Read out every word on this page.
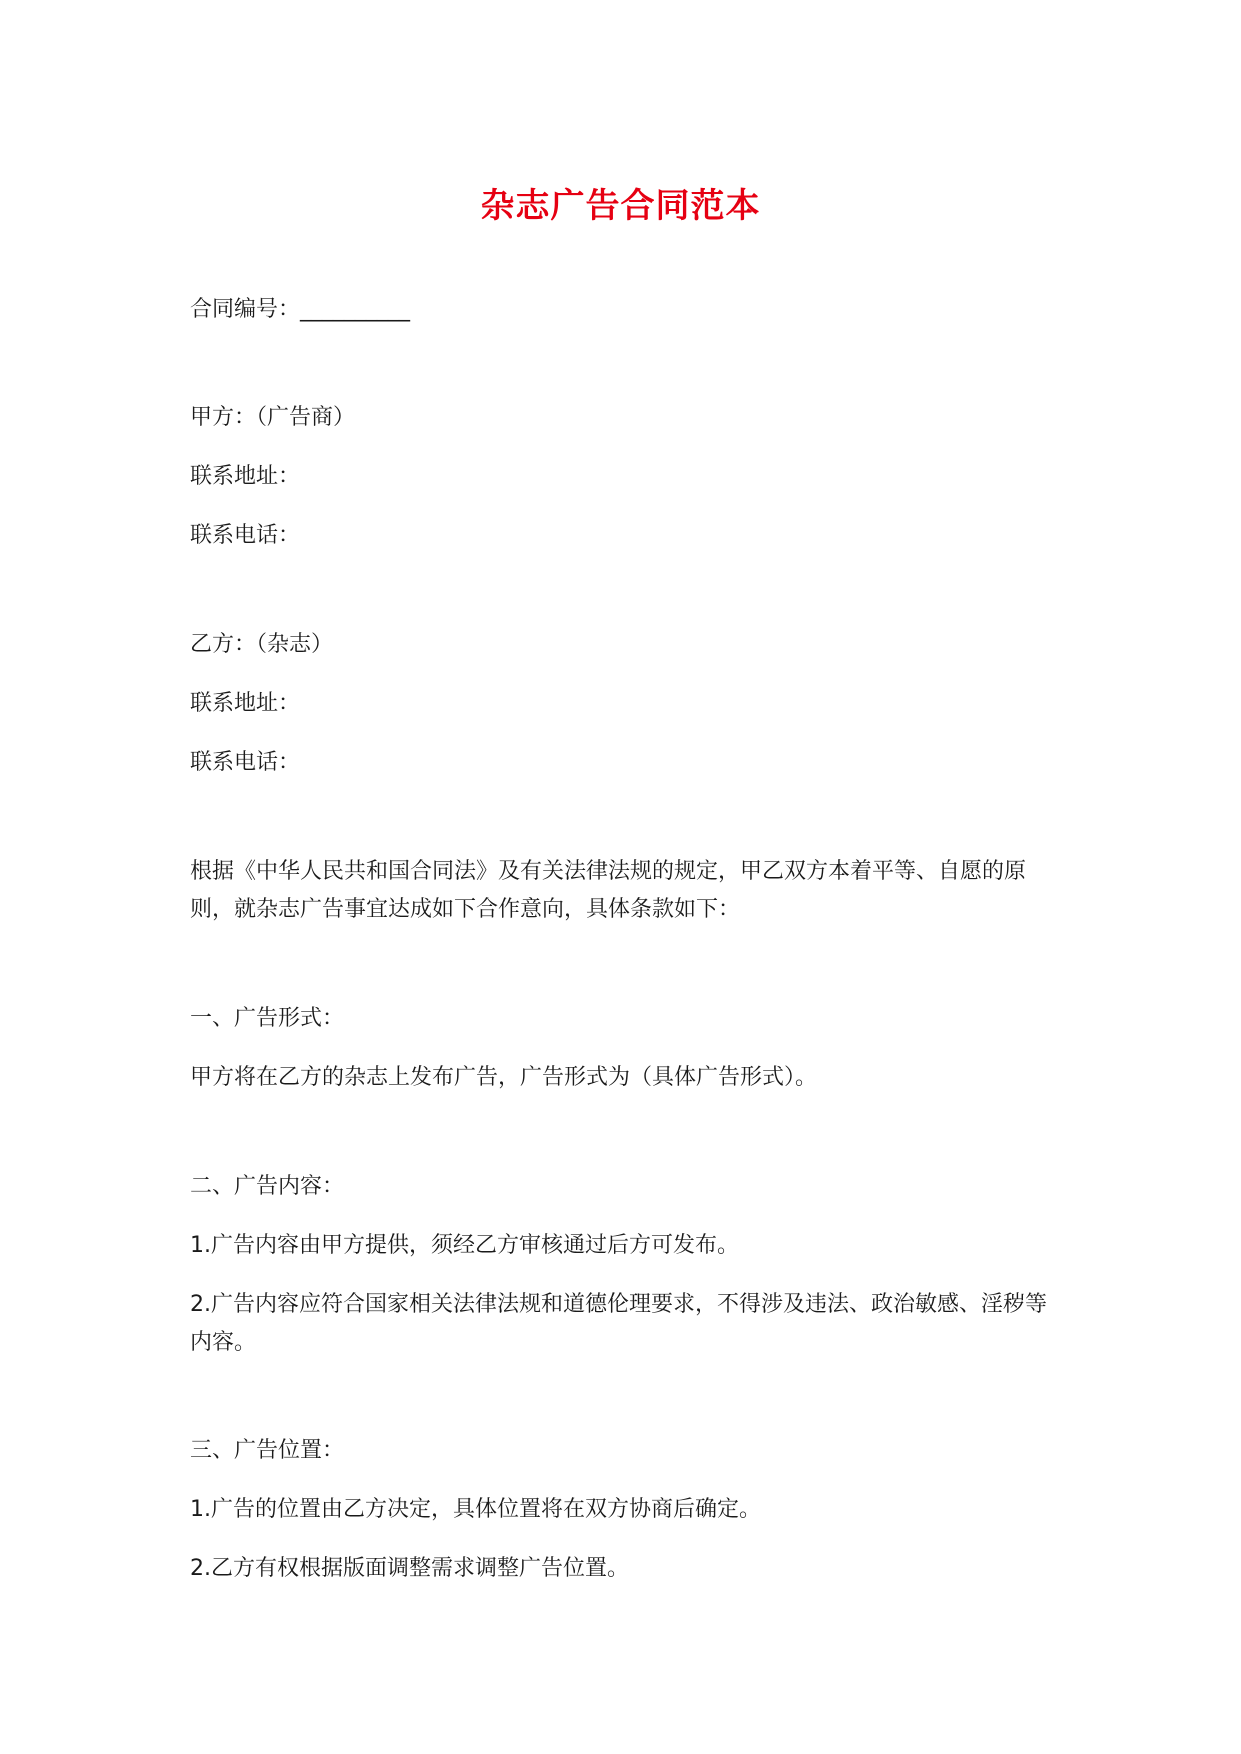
杂志广告合同范本
合同编号：__________
甲方：（广告商）
联系地址：
联系电话：
乙方：（杂志）
联系地址：
联系电话：
根据《中华人民共和国合同法》及有关法律法规的规定，甲乙双方本着平等、自愿的原则，就杂志广告事宜达成如下合作意向，具体条款如下：
一、广告形式：
甲方将在乙方的杂志上发布广告，广告形式为（具体广告形式）。
二、广告内容：
1.广告内容由甲方提供，须经乙方审核通过后方可发布。
2.广告内容应符合国家相关法律法规和道德伦理要求，不得涉及违法、政治敏感、淫秽等内容。
三、广告位置：
1.广告的位置由乙方决定，具体位置将在双方协商后确定。
2.乙方有权根据版面调整需求调整广告位置。
